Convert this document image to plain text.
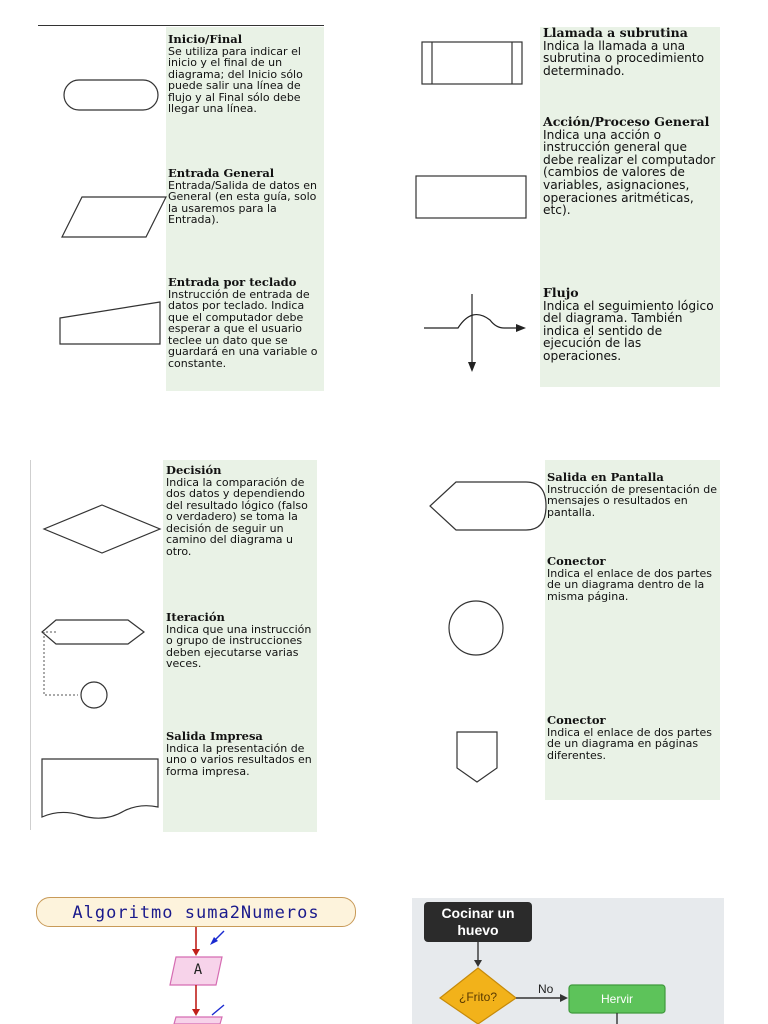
Inicio/Final
Se utiliza para indicar el inicio y el final de un diagrama; del Inicio sólo puede salir una línea de flujo y al Final sólo debe llegar una línea.
Entrada General
Entrada/Salida de datos en General (en esta guía, solo la usaremos para la Entrada).
Entrada por teclado
Instrucción de entrada de datos por teclado. Indica que el computador debe esperar a que el usuario teclee un dato que se guardará en una variable o constante.
Llamada a subrutina
Indica la llamada a una subrutina o procedimiento determinado.
Acción/Proceso General
Indica una acción o instrucción general que debe realizar el computador (cambios de valores de variables, asignaciones, operaciones aritméticas, etc).
Flujo
Indica el seguimiento lógico del diagrama. También indica el sentido de ejecución de las operaciones.
Decisión
Indica la comparación de dos datos y dependiendo del resultado lógico (falso o verdadero) se toma la decisión de seguir un camino del diagrama u otro.
Iteración
Indica que una instrucción o grupo de instrucciones deben ejecutarse varias veces.
Salida Impresa
Indica la presentación de uno o varios resultados en forma impresa.
Salida en Pantalla
Instrucción de presentación de mensajes o resultados en pantalla.
Conector
Indica el enlace de dos partes de un diagrama dentro de la misma página.
Conector
Indica el enlace de dos partes de un diagrama en páginas diferentes.
Algoritmo suma2Numeros
A
Cocinar un huevo
¿Frito?
No
Hervir
